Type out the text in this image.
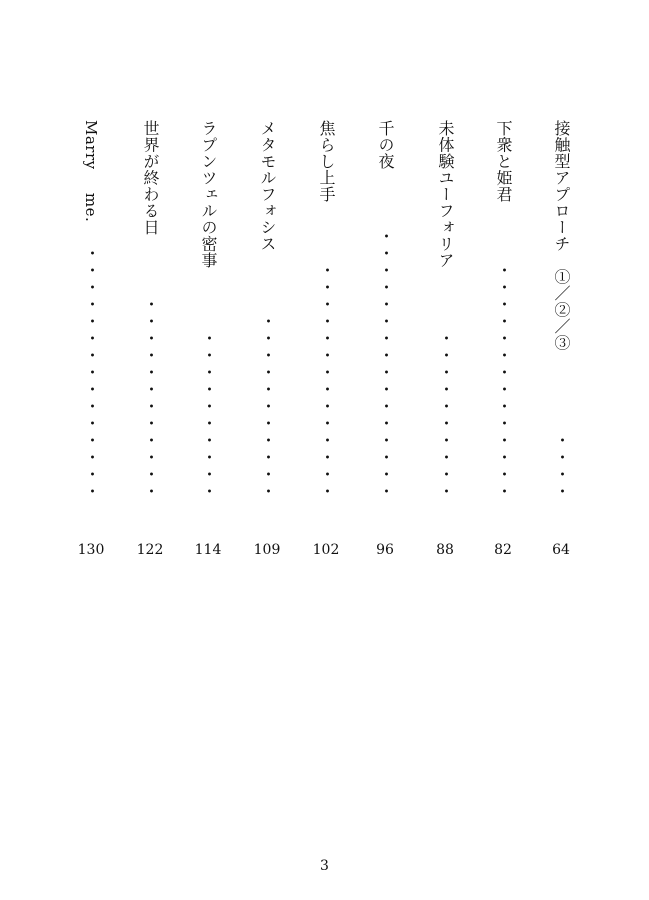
接触型アプローチ　①／②／③
・・・・
64
下衆と姫君
・・・・・・・・・・・・・・
82
未体験ユーフォリア
・・・・・・・・・・
88
千の夜
・・・・・・・・・・・・・・・・
96
焦らし上手
・・・・・・・・・・・・・・
102
メタモルフォシス
・・・・・・・・・・・
109
ラプンツェルの密事
・・・・・・・・・・
114
世界が終わる日
・・・・・・・・・・・・
122
Marry me.
・・・・・・・・・・・・・・・
130
3
